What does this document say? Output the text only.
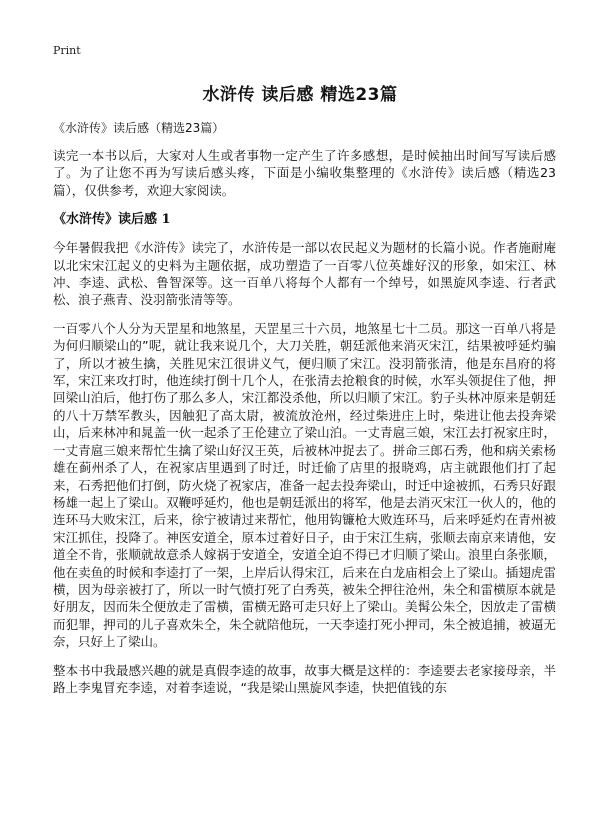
Print
水浒传 读后感 精选23篇
《水浒传》读后感（精选23篇）

读完一本书以后，大家对人生或者事物一定产生了许多感想，是时候抽出时间写写读后感了。为了让您不再为写读后感头疼，下面是小编收集整理的《水浒传》读后感（精选23篇），仅供参考，欢迎大家阅读。

《水浒传》读后感 1

今年暑假我把《水浒传》读完了，水浒传是一部以农民起义为题材的长篇小说。作者施耐庵以北宋宋江起义的史料为主题依据，成功塑造了一百零八位英雄好汉的形象，如宋江、林冲、李逵、武松、鲁智深等。这一百单八将每个人都有一个绰号，如黑旋风李逵、行者武松、浪子燕青、没羽箭张清等等。

一百零八个人分为天罡星和地煞星，天罡星三十六员，地煞星七十二员。那这一百单八将是为何归顺梁山的”呢，就让我来说几个，大刀关胜，朝廷派他来消灭宋江，结果被呼延灼骗了，所以才被生擒，关胜见宋江很讲义气，便归顺了宋江。没羽箭张清，他是东昌府的将军，宋江来攻打时，他连续打倒十几个人，在张清去抢粮食的时候，水军头领捉住了他，押回梁山泊后，他打伤了那么多人，宋江都没杀他，所以归顺了宋江。豹子头林冲原来是朝廷的八十万禁军教头，因触犯了高太尉，被流放沧州，经过柴进庄上时，柴进让他去投奔梁山，后来林冲和晁盖一伙一起杀了王伦建立了梁山泊。一丈青扈三娘，宋江去打祝家庄时，一丈青扈三娘来帮忙生擒了梁山好汉王英，后被林冲捉去了。拼命三郎石秀，他和病关索杨雄在蓟州杀了人，在祝家店里遇到了时迁，时迁偷了店里的报晓鸡，店主就跟他们打了起来，石秀把他们打倒，防火烧了祝家店，准备一起去投奔梁山，时迁中途被抓，石秀只好跟杨雄一起上了梁山。双鞭呼延灼，他也是朝廷派出的将军，他是去消灭宋江一伙人的，他的连环马大败宋江，后来，徐宁被请过来帮忙，他用钩镰枪大败连环马，后来呼延灼在青州被宋江抓住，投降了。神医安道全，原本过着好日子，由于宋江生病，张顺去南京来请他，安道全不肯，张顺就故意杀人嫁祸于安道全，安道全迫不得已才归顺了梁山。浪里白条张顺，他在卖鱼的时候和李逵打了一架，上岸后认得宋江，后来在白龙庙相会上了梁山。插翅虎雷横，因为母亲被打了，所以一时气愤打死了白秀英，被朱仝押往沧州，朱仝和雷横原本就是好朋友，因而朱仝便放走了雷横，雷横无路可走只好上了梁山。美髯公朱仝，因放走了雷横而犯罪，押司的儿子喜欢朱仝，朱仝就陪他玩，一天李逵打死小押司，朱仝被追捕，被逼无奈，只好上了梁山。

整本书中我最感兴趣的就是真假李逵的故事，故事大概是这样的：李逵要去老家接母亲，半路上李鬼冒充李逵，对着李逵说，“我是梁山黑旋风李逵，快把值钱的东
